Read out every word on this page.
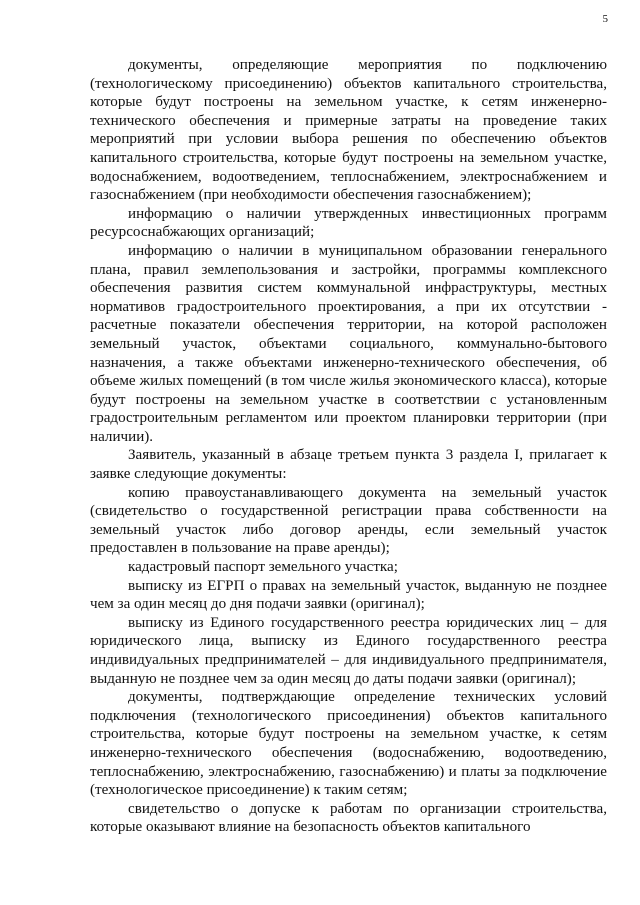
5

документы, определяющие мероприятия по подключению (технологическому присоединению) объектов капитального строительства, которые будут построены на земельном участке, к сетям инженерно-технического обеспечения и примерные затраты на проведение таких мероприятий при условии выбора решения по обеспечению объектов капитального строительства, которые будут построены на земельном участке, водоснабжением, водоотведением, теплоснабжением, электроснабжением и газоснабжением (при необходимости обеспечения газоснабжением);

информацию о наличии утвержденных инвестиционных программ ресурсоснабжающих организаций;

информацию о наличии в муниципальном образовании генерального плана, правил землепользования и застройки, программы комплексного обеспечения развития систем коммунальной инфраструктуры, местных нормативов градостроительного проектирования, а при их отсутствии - расчетные показатели обеспечения территории, на которой расположен земельный участок, объектами социального, коммунально-бытового назначения, а также объектами инженерно-технического обеспечения, об объеме жилых помещений (в том числе жилья экономического класса), которые будут построены на земельном участке в соответствии с установленным градостроительным регламентом или проектом планировки территории (при наличии).

Заявитель, указанный в абзаце третьем пункта 3 раздела I, прилагает к заявке следующие документы:

копию правоустанавливающего документа на земельный участок (свидетельство о государственной регистрации права собственности на земельный участок либо договор аренды, если земельный участок предоставлен в пользование на праве аренды);

кадастровый паспорт земельного участка;

выписку из ЕГРП о правах на земельный участок, выданную не позднее чем за один месяц до дня подачи заявки (оригинал);

выписку из Единого государственного реестра юридических лиц – для юридического лица, выписку из Единого государственного реестра индивидуальных предпринимателей – для индивидуального предпринимателя, выданную не позднее чем за один месяц до даты подачи заявки (оригинал);

документы, подтверждающие определение технических условий подключения (технологического присоединения) объектов капитального строительства, которые будут построены на земельном участке, к сетям инженерно-технического обеспечения (водоснабжению, водоотведению, теплоснабжению, электроснабжению, газоснабжению) и платы за подключение (технологическое присоединение) к таким сетям;

свидетельство о допуске к работам по организации строительства, которые оказывают влияние на безопасность объектов капитального
